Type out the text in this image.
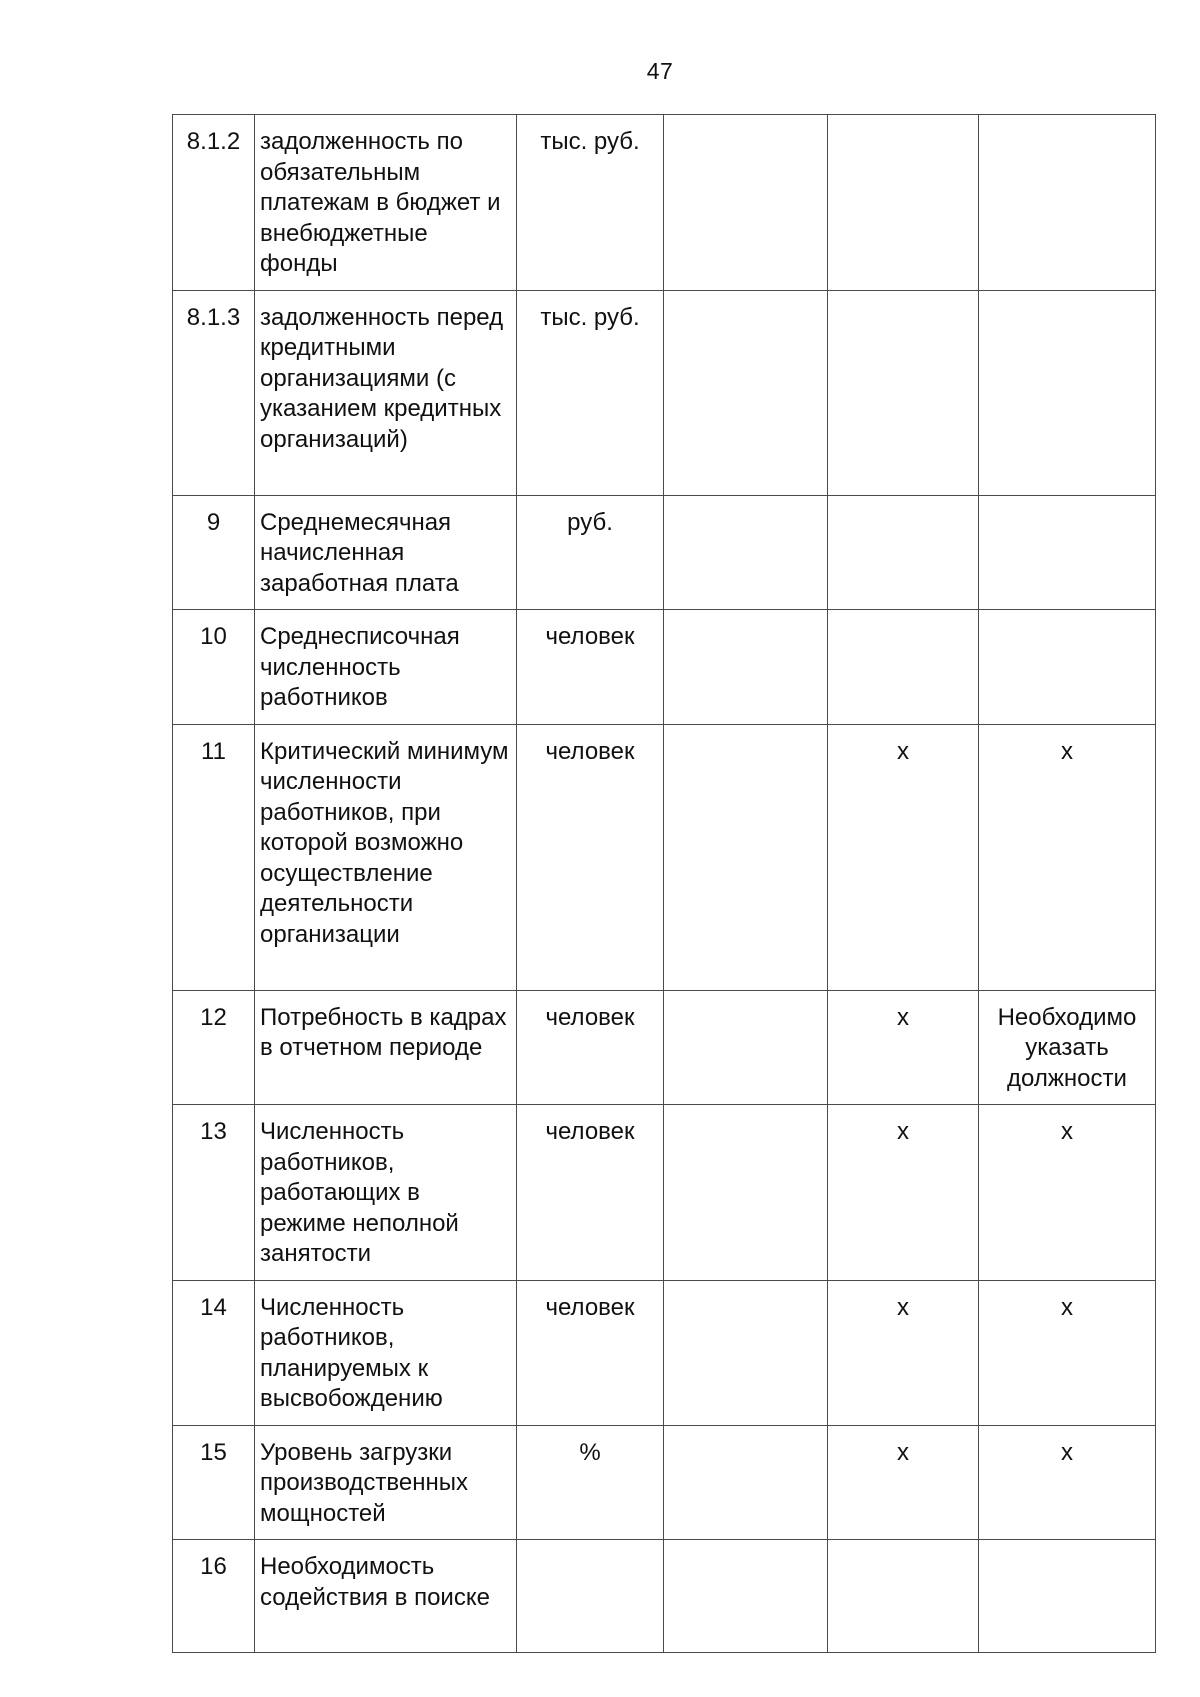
47
8.1.2	задолженность по обязательным платежам в бюджет и внебюджетные фонды	тыс. руб.			
8.1.3	задолженность перед кредитными организациями (с указанием кредитных организаций)	тыс. руб.			
9	Среднемесячная начисленная заработная плата	руб.			
10	Среднесписочная численность работников	человек			
11	Критический минимум численности работников, при которой возможно осуществление деятельности организации	человек		x	x
12	Потребность в кадрах в отчетном периоде	человек		x	Необходимо указать должности
13	Численность работников, работающих в режиме неполной занятости	человек		x	x
14	Численность работников, планируемых к высвобождению	человек		x	x
15	Уровень загрузки производственных мощностей	%		x	x
16	Необходимость содействия в поиске				
